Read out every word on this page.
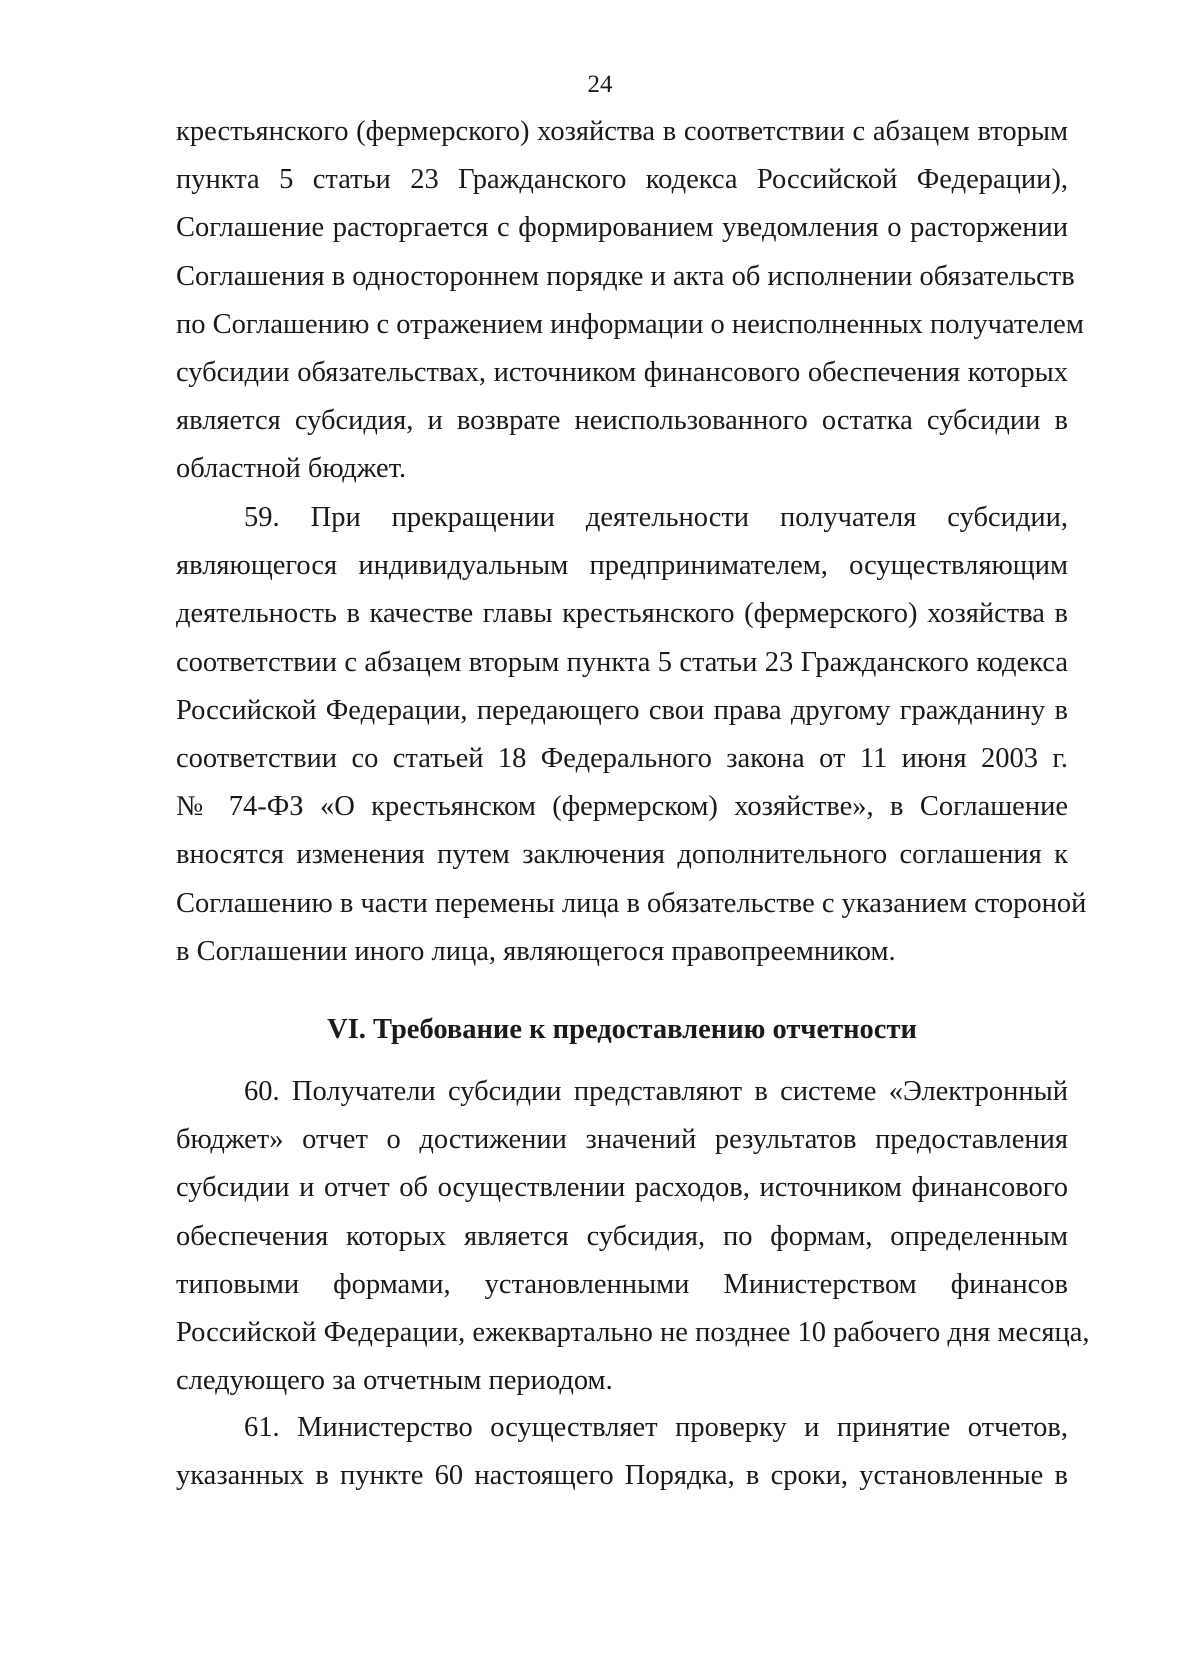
24
крестьянского (фермерского) хозяйства в соответствии с абзацем вторым
пункта 5 статьи 23 Гражданского кодекса Российской Федерации),
Соглашение расторгается с формированием уведомления о расторжении
Соглашения в одностороннем порядке и акта об исполнении обязательств
по Соглашению с отражением информации о неисполненных получателем
субсидии обязательствах, источником финансового обеспечения которых
является субсидия, и возврате неиспользованного остатка субсидии в
областной бюджет.
59. При прекращении деятельности получателя субсидии,
являющегося индивидуальным предпринимателем, осуществляющим
деятельность в качестве главы крестьянского (фермерского) хозяйства в
соответствии с абзацем вторым пункта 5 статьи 23 Гражданского кодекса
Российской Федерации, передающего свои права другому гражданину в
соответствии со статьей 18 Федерального закона от 11 июня 2003 г.
№ 74-ФЗ «О крестьянском (фермерском) хозяйстве», в Соглашение
вносятся изменения путем заключения дополнительного соглашения к
Соглашению в части перемены лица в обязательстве с указанием стороной
в Соглашении иного лица, являющегося правопреемником.
VI. Требование к предоставлению отчетности
60. Получатели субсидии представляют в системе «Электронный
бюджет» отчет о достижении значений результатов предоставления
субсидии и отчет об осуществлении расходов, источником финансового
обеспечения которых является субсидия, по формам, определенным
типовыми формами, установленными Министерством финансов
Российской Федерации, ежеквартально не позднее 10 рабочего дня месяца,
следующего за отчетным периодом.
61. Министерство осуществляет проверку и принятие отчетов,
указанных в пункте 60 настоящего Порядка, в сроки, установленные в
